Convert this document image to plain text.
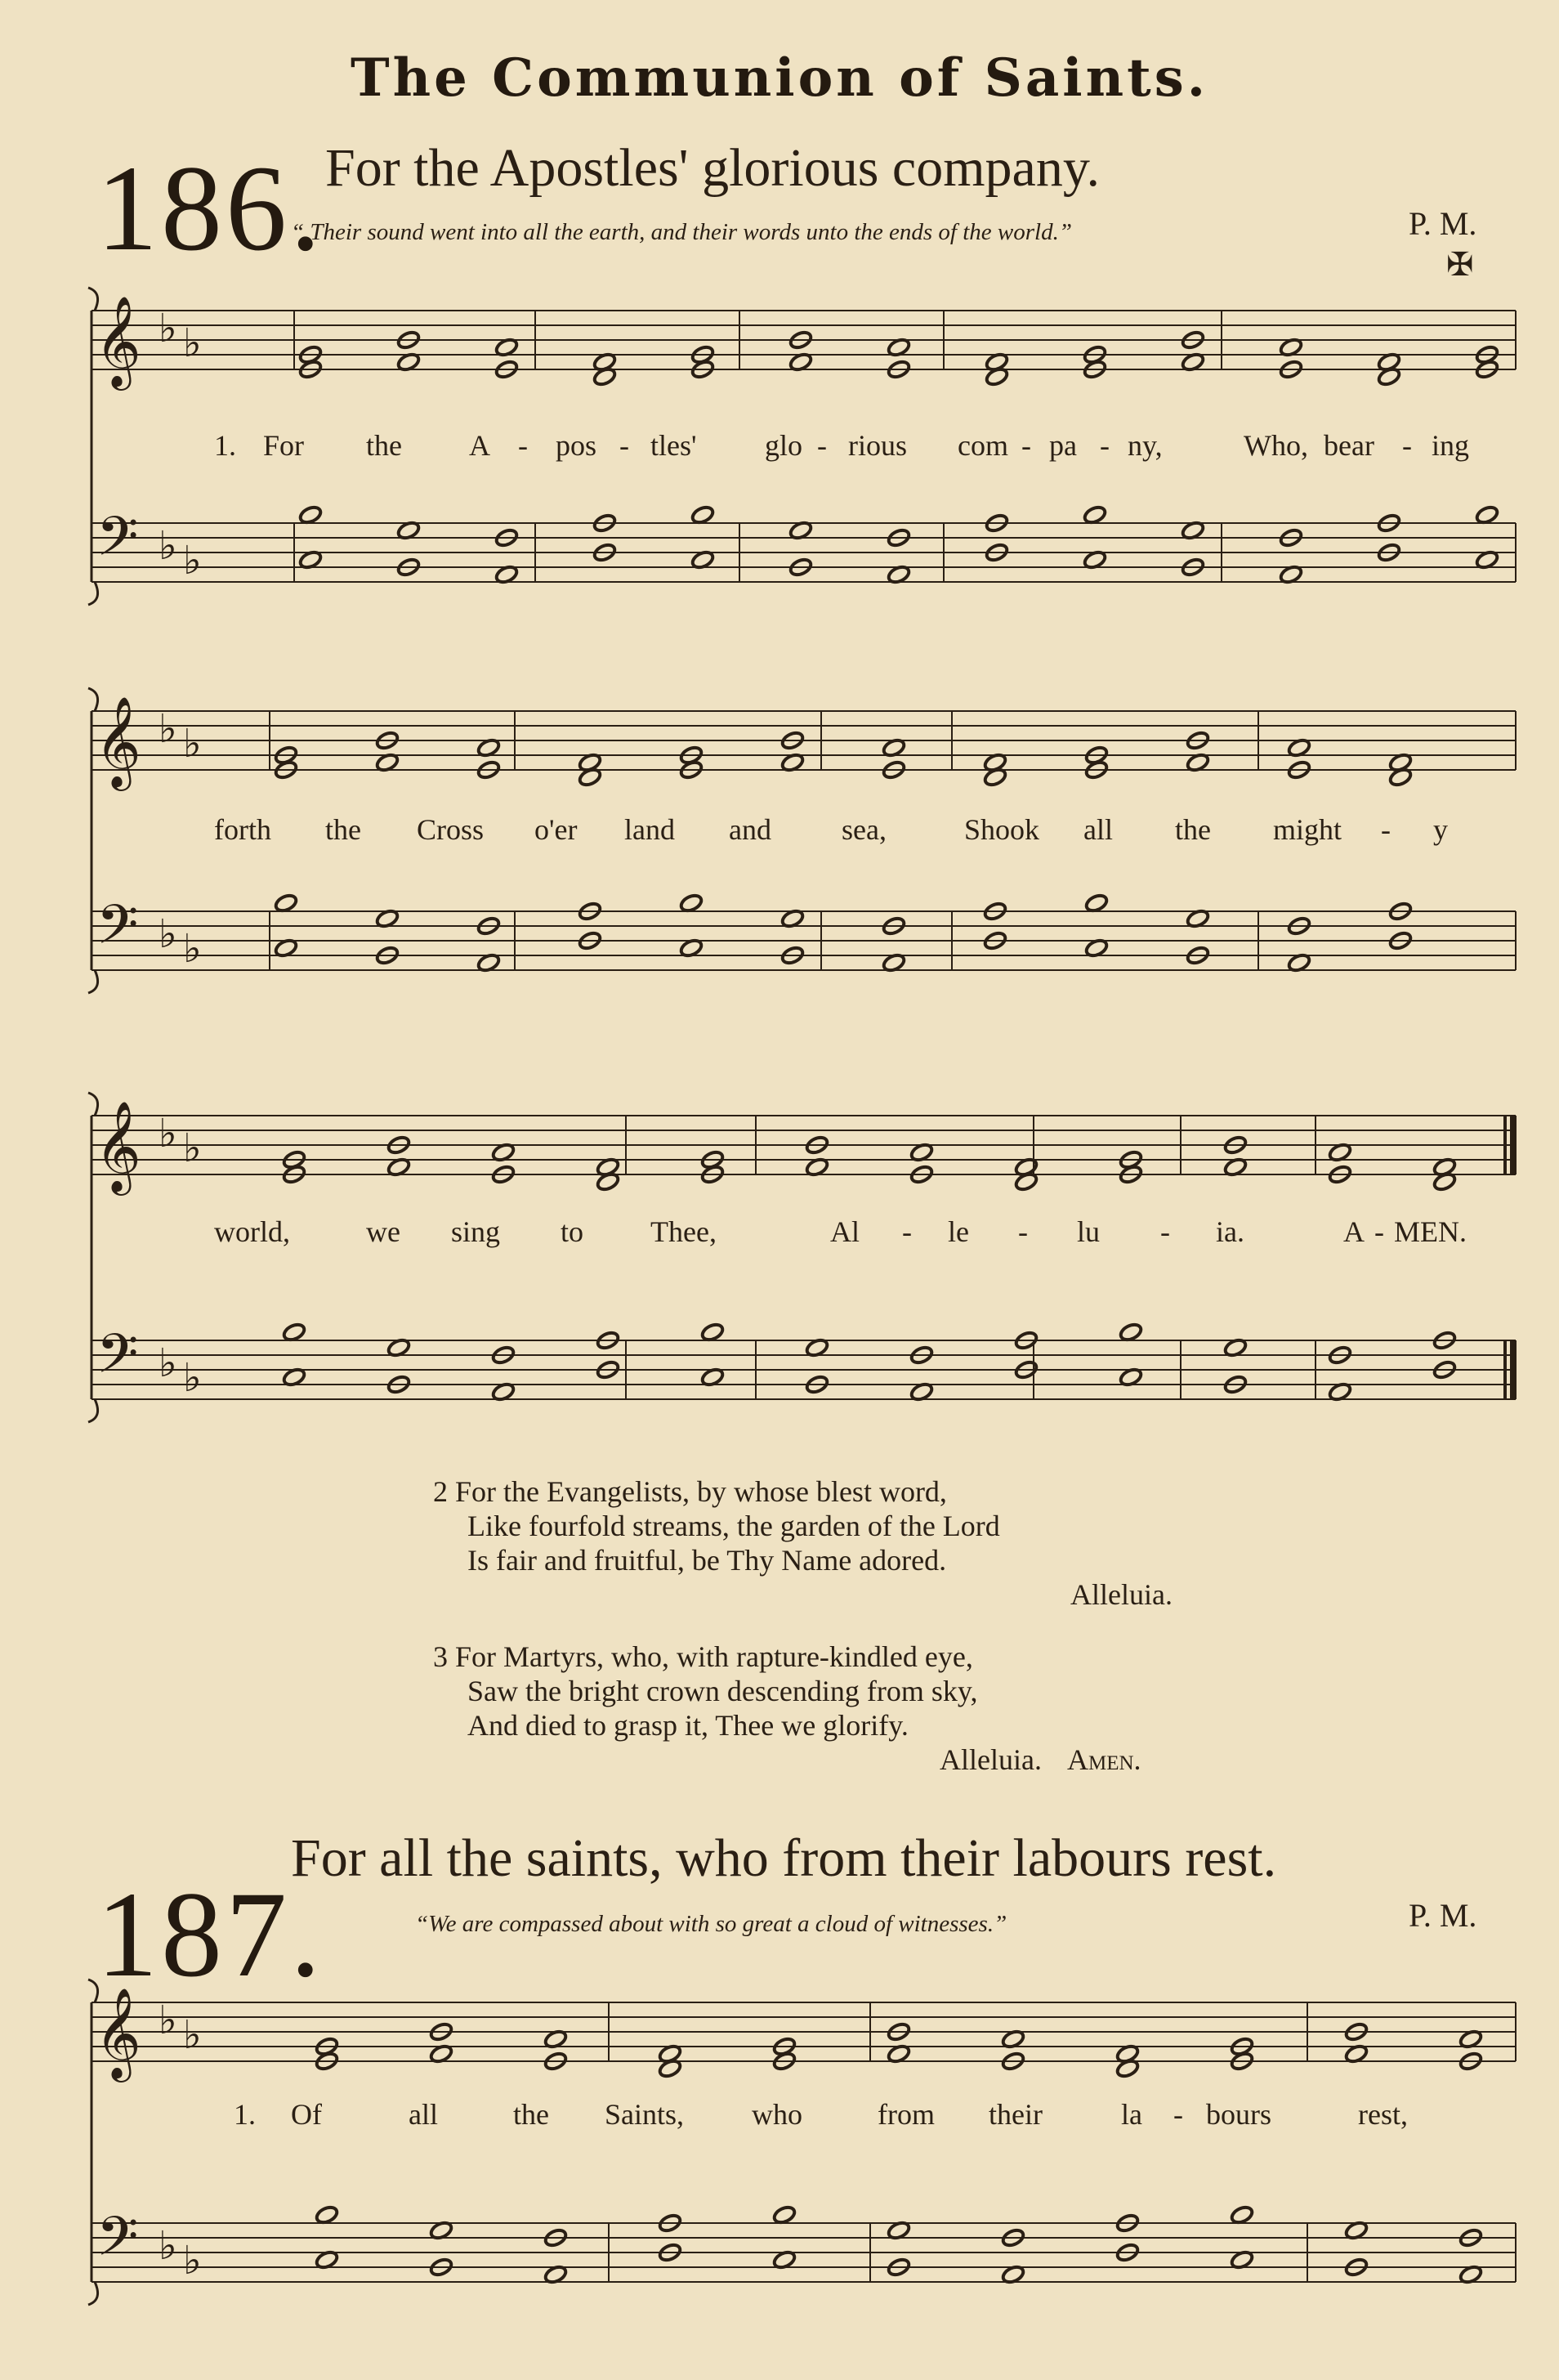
The Communion of Saints.
186. For the Apostles' glorious company.
“ Their sound went into all the earth, and their words unto the ends of the world.”	P. M.
✠
𝄞
𝄢
♭ ♭
♭ ♭
𝄞
𝄢
♭ ♭
♭ ♭
𝄞
𝄢
♭ ♭
♭ ♭
𝄞
𝄢
♭ ♭
♭ ♭
1. For the A - pos - tles' glo - rious com - pa - ny,	Who, bear - ing
forth the Cross o'er land and sea,	Shook all the might - y
world,	we sing to Thee,	Al - le - lu - ia.	A - MEN.
2 For the Evangelists, by whose blest word,
Like fourfold streams, the garden of the Lord
Is fair and fruitful, be Thy Name adored.
Alleluia.
3 For Martyrs, who, with rapture-kindled eye,
Saw the bright crown descending from sky,
And died to grasp it, Thee we glorify.
Alleluia. Amen.
187.
For all the saints, who from their labours rest.
“We are compassed about with so great a cloud of witnesses.”	P. M.
1. Of	all	the Saints, who	from their	la - bours	rest,
